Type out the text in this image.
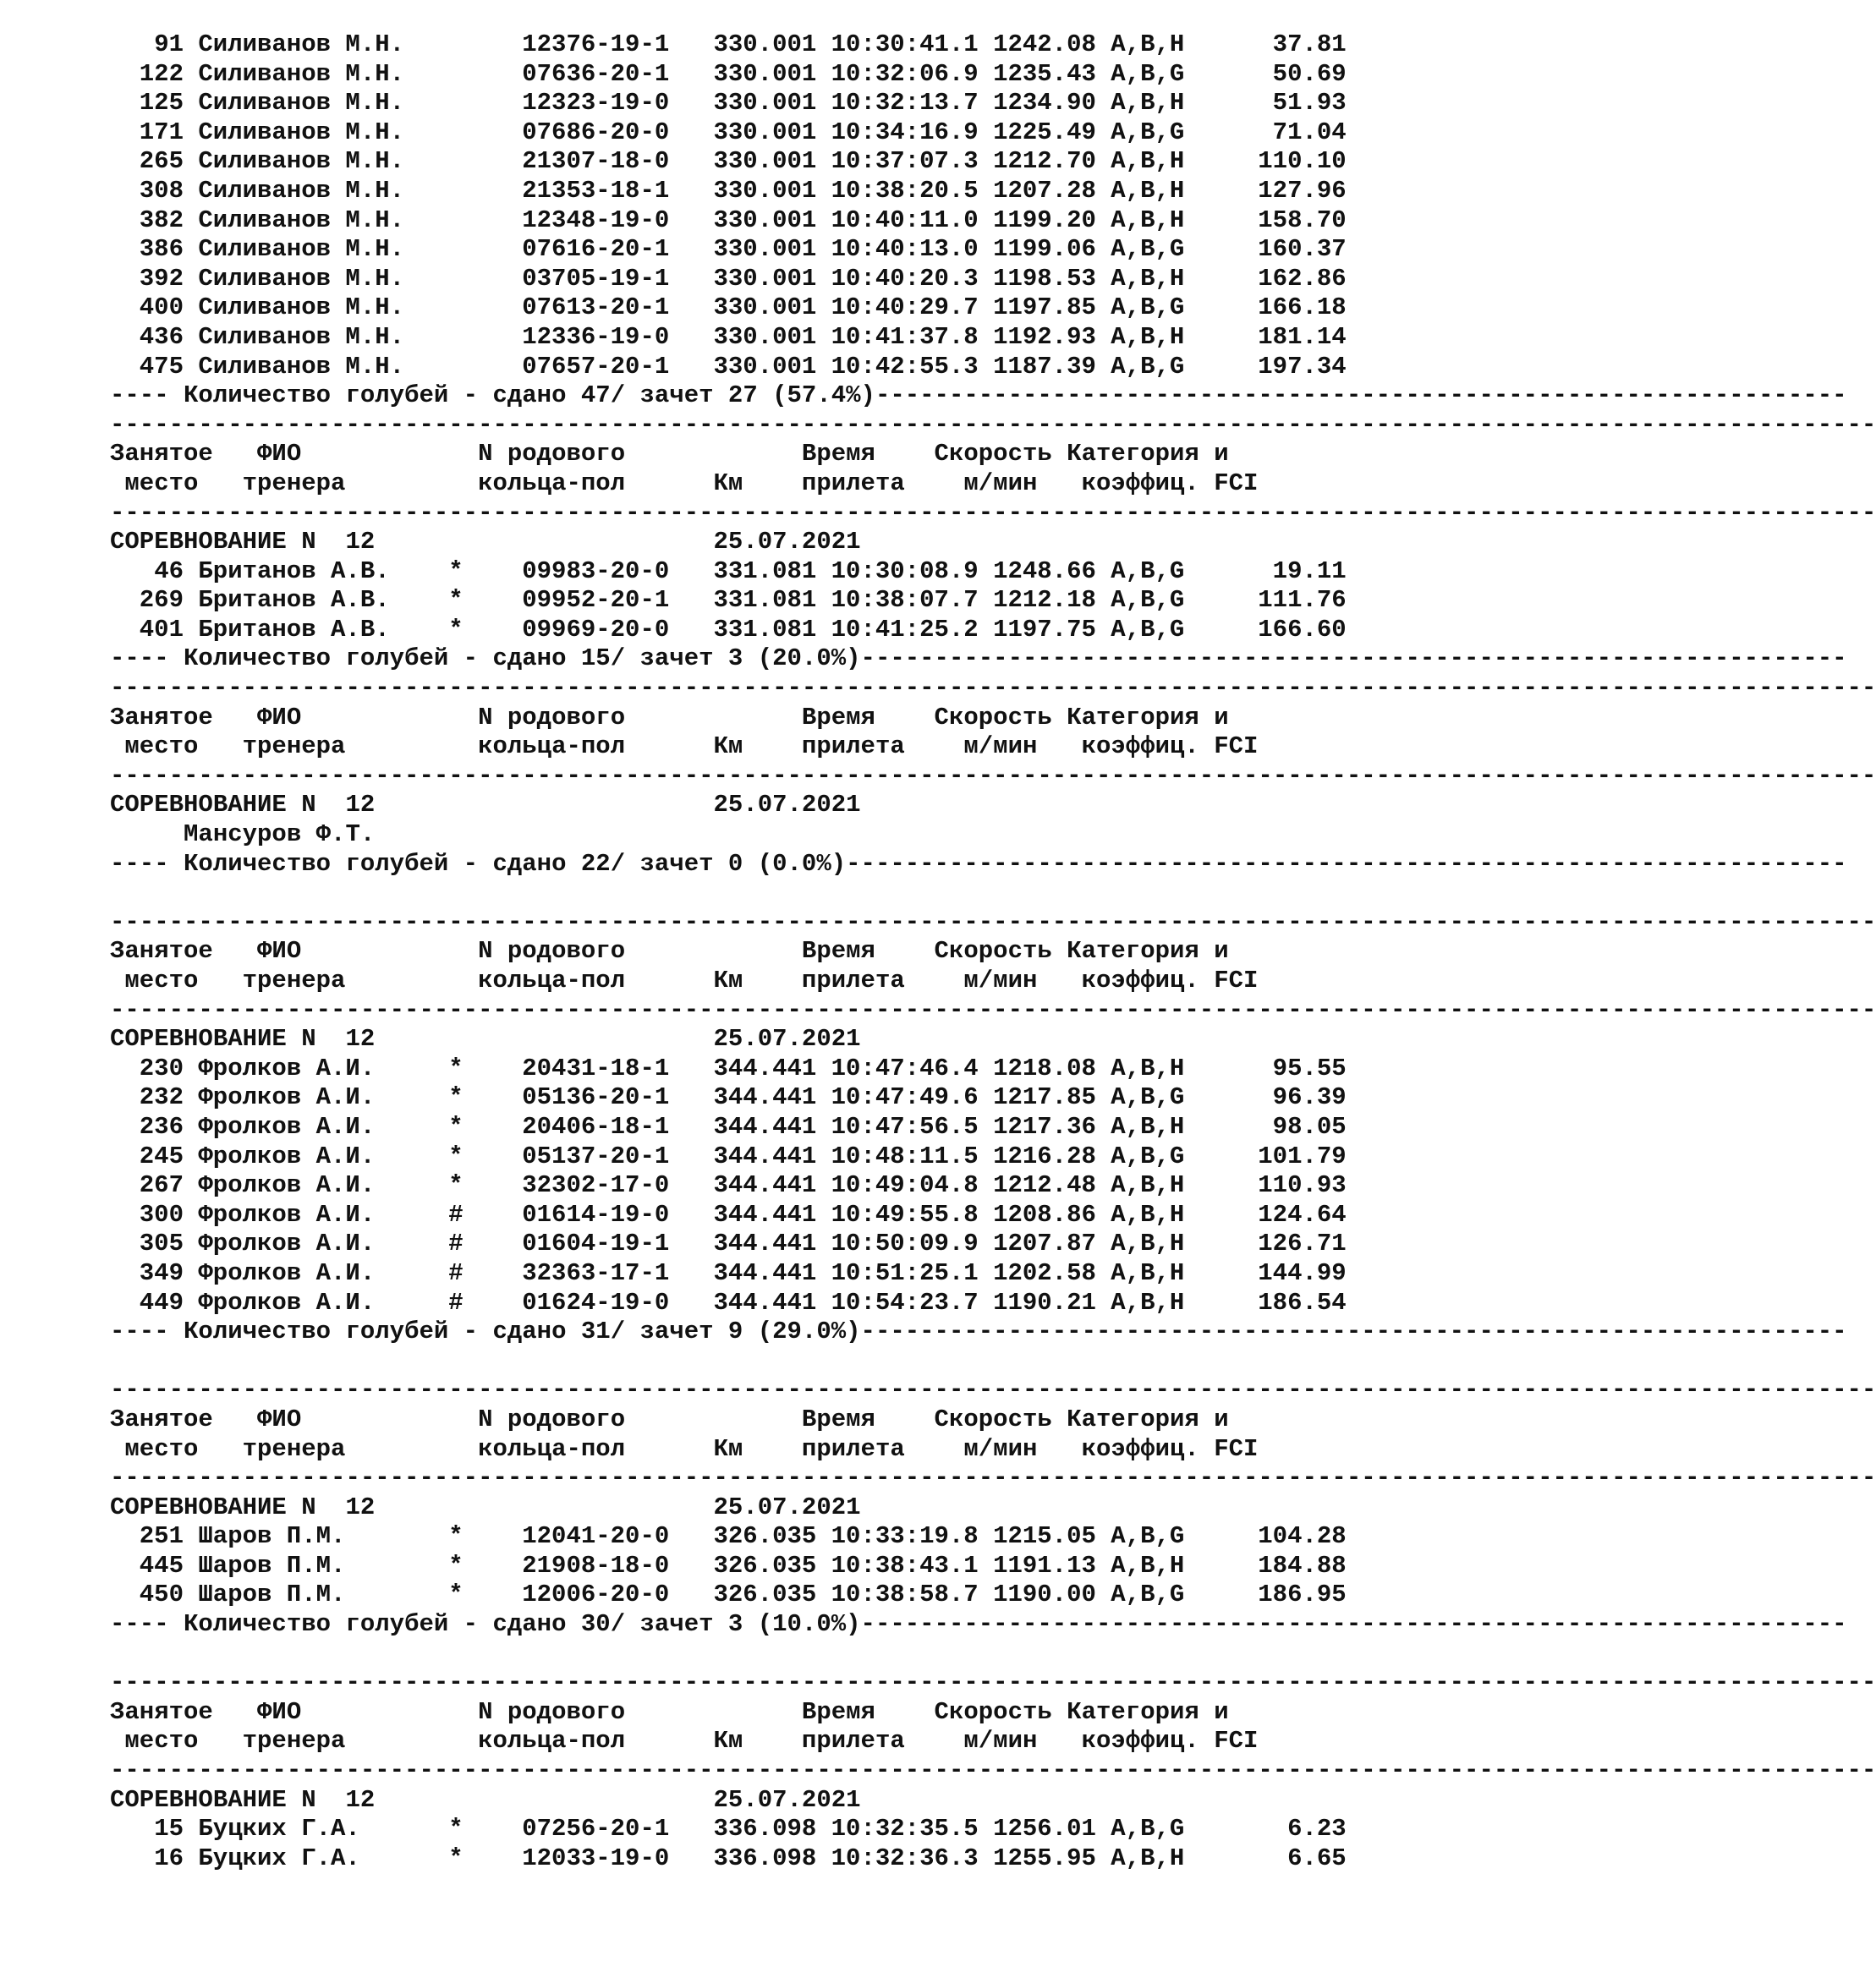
91 Силиванов М.Н.	12376-19-1 330.001 10:30:41.1 1242.08 A,B,H	37.81
122 Силиванов М.Н.	07636-20-1 330.001 10:32:06.9 1235.43 A,B,G	50.69
125 Силиванов М.Н.	12323-19-0 330.001 10:32:13.7 1234.90 A,B,H	51.93
171 Силиванов М.Н.	07686-20-0 330.001 10:34:16.9 1225.49 A,B,G	71.04
265 Силиванов М.Н.	21307-18-0 330.001 10:37:07.3 1212.70 A,B,H	110.10
308 Силиванов М.Н.	21353-18-1 330.001 10:38:20.5 1207.28 A,B,H	127.96
382 Силиванов М.Н.	12348-19-0 330.001 10:40:11.0 1199.20 A,B,H	158.70
386 Силиванов М.Н.	07616-20-1 330.001 10:40:13.0 1199.06 A,B,G	160.37
392 Силиванов М.Н.	03705-19-1 330.001 10:40:20.3 1198.53 A,B,H	162.86
400 Силиванов М.Н.	07613-20-1 330.001 10:40:29.7 1197.85 A,B,G	166.18
436 Силиванов М.Н.	12336-19-0 330.001 10:41:37.8 1192.93 A,B,H	181.14
475 Силиванов М.Н.	07657-20-1 330.001 10:42:55.3 1187.39 A,B,G	197.34
---- Количество голубей - сдано 47/ зачет 27 (57.4%)------------------------------------------------------------------
------------------------------------------------------------------------------------------------------------------------
Занятое   ФИО            N родового            Время    Скорость Категория и
место   тренера         кольца-пол      Км    прилета    м/мин   коэффиц. FCI
------------------------------------------------------------------------------------------------------------------------
СОРЕВНОВАНИЕ N  12                       25.07.2021
46 Британов А.В. * 09983-20-0 331.081 10:30:08.9 1248.66 A,B,G	19.11
269 Британов А.В. * 09952-20-1 331.081 10:38:07.7 1212.18 A,B,G	111.76
401 Британов А.В. * 09969-20-0 331.081 10:41:25.2 1197.75 A,B,G	166.60
---- Количество голубей - сдано 15/ зачет 3 (20.0%)-------------------------------------------------------------------
------------------------------------------------------------------------------------------------------------------------
Занятое   ФИО            N родового            Время    Скорость Категория и
место   тренера         кольца-пол      Км    прилета    м/мин   коэффиц. FCI
------------------------------------------------------------------------------------------------------------------------
СОРЕВНОВАНИЕ N  12                       25.07.2021
Мансуров Ф.Т.
---- Количество голубей - сдано 22/ зачет 0 (0.0%)--------------------------------------------------------------------
------------------------------------------------------------------------------------------------------------------------
Занятое   ФИО            N родового            Время    Скорость Категория и
место   тренера         кольца-пол      Км    прилета    м/мин   коэффиц. FCI
------------------------------------------------------------------------------------------------------------------------
СОРЕВНОВАНИЕ N  12                       25.07.2021
230 Фролков А.И.	* 20431-18-1 344.441 10:47:46.4 1218.08 A,B,H	95.55
232 Фролков А.И.	* 05136-20-1 344.441 10:47:49.6 1217.85 A,B,G	96.39
236 Фролков А.И.	* 20406-18-1 344.441 10:47:56.5 1217.36 A,B,H	98.05
245 Фролков А.И.	* 05137-20-1 344.441 10:48:11.5 1216.28 A,B,G	101.79
267 Фролков А.И.	* 32302-17-0 344.441 10:49:04.8 1212.48 A,B,H	110.93
300 Фролков А.И.	# 01614-19-0 344.441 10:49:55.8 1208.86 A,B,H	124.64
305 Фролков А.И.	# 01604-19-1 344.441 10:50:09.9 1207.87 A,B,H	126.71
349 Фролков А.И.	# 32363-17-1 344.441 10:51:25.1 1202.58 A,B,H	144.99
449 Фролков А.И.	# 01624-19-0 344.441 10:54:23.7 1190.21 A,B,H	186.54
---- Количество голубей - сдано 31/ зачет 9 (29.0%)-------------------------------------------------------------------
------------------------------------------------------------------------------------------------------------------------
Занятое   ФИО            N родового            Время    Скорость Категория и
место   тренера         кольца-пол      Км    прилета    м/мин   коэффиц. FCI
------------------------------------------------------------------------------------------------------------------------
СОРЕВНОВАНИЕ N  12                       25.07.2021
251 Шаров П.М.	* 12041-20-0 326.035 10:33:19.8 1215.05 A,B,G	104.28
445 Шаров П.М.	* 21908-18-0 326.035 10:38:43.1 1191.13 A,B,H	184.88
450 Шаров П.М.	* 12006-20-0 326.035 10:38:58.7 1190.00 A,B,G	186.95
---- Количество голубей - сдано 30/ зачет 3 (10.0%)-------------------------------------------------------------------
------------------------------------------------------------------------------------------------------------------------
Занятое   ФИО            N родового            Время    Скорость Категория и
место   тренера         кольца-пол      Км    прилета    м/мин   коэффиц. FCI
------------------------------------------------------------------------------------------------------------------------
СОРЕВНОВАНИЕ N  12                       25.07.2021
15 Буцких Г.А.	* 07256-20-1 336.098 10:32:35.5 1256.01 A,B,G	6.23
16 Буцких Г.А.	* 12033-19-0 336.098 10:32:36.3 1255.95 A,B,H	6.65
